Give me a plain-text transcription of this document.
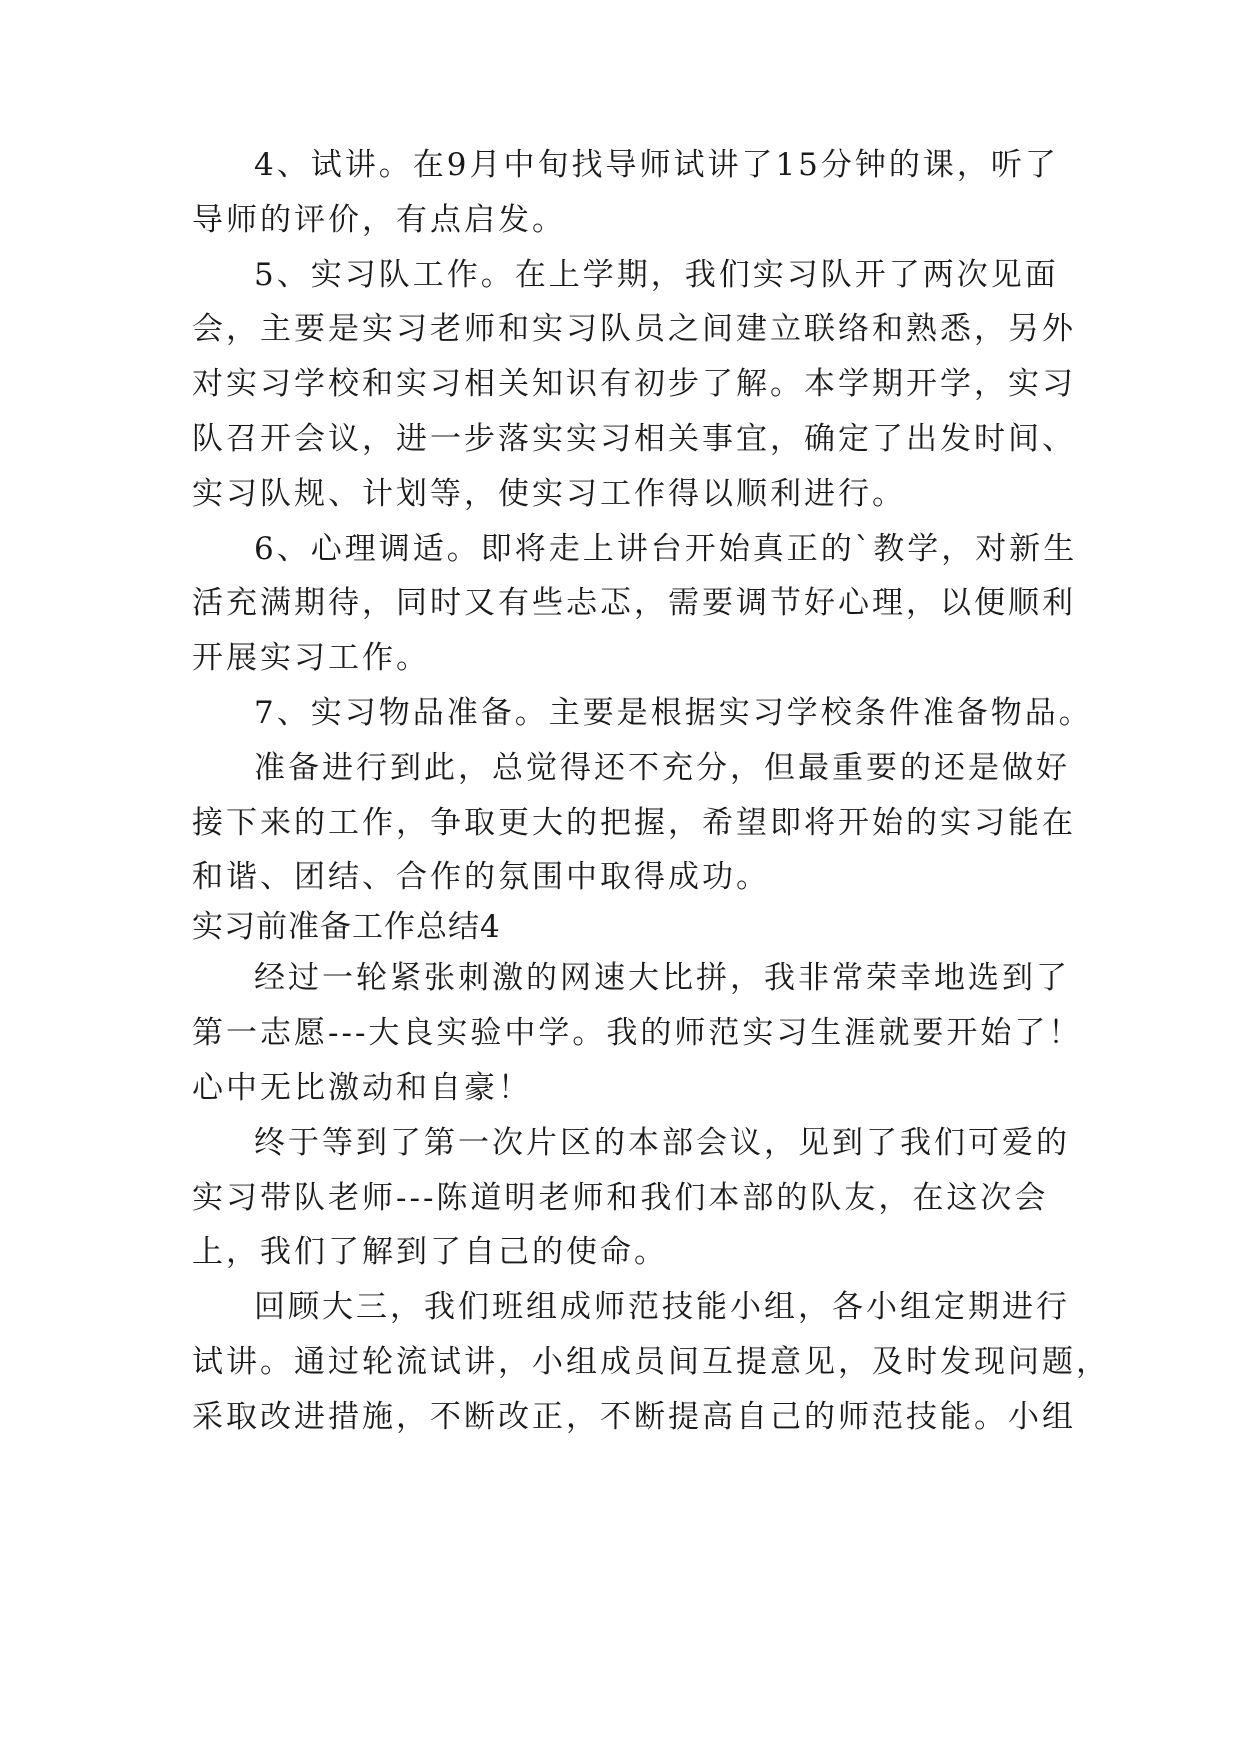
4、试讲。在9月中旬找导师试讲了15分钟的课，听了
导师的评价，有点启发。
5、实习队工作。在上学期，我们实习队开了两次见面
会，主要是实习老师和实习队员之间建立联络和熟悉，另外
对实习学校和实习相关知识有初步了解。本学期开学，实习
队召开会议，进一步落实实习相关事宜，确定了出发时间、
实习队规、计划等，使实习工作得以顺利进行。
6、心理调适。即将走上讲台开始真正的`教学，对新生
活充满期待，同时又有些忐忑，需要调节好心理，以便顺利
开展实习工作。
7、实习物品准备。主要是根据实习学校条件准备物品。
准备进行到此，总觉得还不充分，但最重要的还是做好
接下来的工作，争取更大的把握，希望即将开始的实习能在
和谐、团结、合作的氛围中取得成功。
实习前准备工作总结4
经过一轮紧张刺激的网速大比拼，我非常荣幸地选到了
第一志愿---大良实验中学。我的师范实习生涯就要开始了！
心中无比激动和自豪！
终于等到了第一次片区的本部会议，见到了我们可爱的
实习带队老师---陈道明老师和我们本部的队友，在这次会
上，我们了解到了自己的使命。
回顾大三，我们班组成师范技能小组，各小组定期进行
试讲。通过轮流试讲，小组成员间互提意见，及时发现问题，
采取改进措施，不断改正，不断提高自己的师范技能。小组
